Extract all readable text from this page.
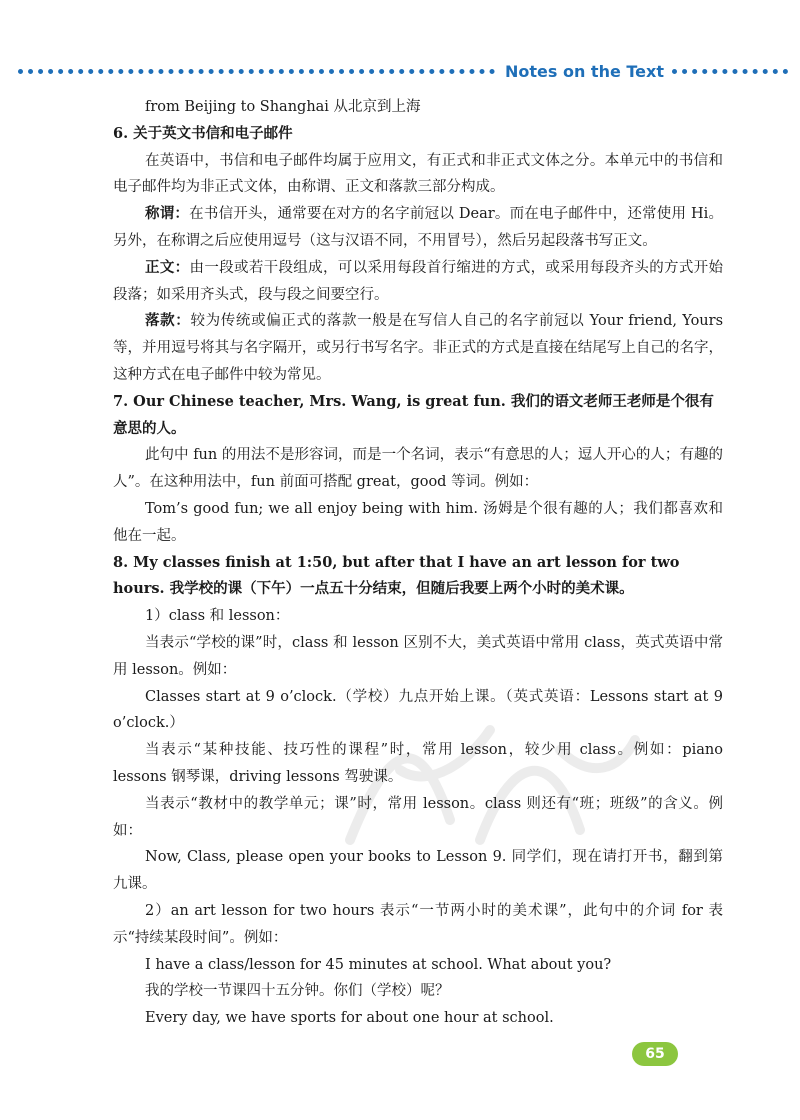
Notes on the Text

from Beijing to Shanghai 从北京到上海

6. 关于英文书信和电子邮件

在英语中，书信和电子邮件均属于应用文，有正式和非正式文体之分。本单元中的书信和电子邮件均为非正式文体，由称谓、正文和落款三部分构成。

称谓：在书信开头，通常要在对方的名字前冠以 Dear。而在电子邮件中，还常使用 Hi。另外，在称谓之后应使用逗号（这与汉语不同，不用冒号），然后另起段落书写正文。

正文：由一段或若干段组成，可以采用每段首行缩进的方式，或采用每段齐头的方式开始段落；如采用齐头式，段与段之间要空行。

落款：较为传统或偏正式的落款一般是在写信人自己的名字前冠以 Your friend, Yours 等，并用逗号将其与名字隔开，或另行书写名字。非正式的方式是直接在结尾写上自己的名字，这种方式在电子邮件中较为常见。

7. Our Chinese teacher, Mrs. Wang, is great fun. 我们的语文老师王老师是个很有意思的人。

此句中 fun 的用法不是形容词，而是一个名词，表示“有意思的人；逗人开心的人；有趣的人”。在这种用法中，fun 前面可搭配 great，good 等词。例如：

Tom’s good fun; we all enjoy being with him. 汤姆是个很有趣的人；我们都喜欢和他在一起。

8. My classes finish at 1:50, but after that I have an art lesson for two hours. 我学校的课（下午）一点五十分结束，但随后我要上两个小时的美术课。

1）class 和 lesson：

当表示“学校的课”时，class 和 lesson 区别不大，美式英语中常用 class，英式英语中常用 lesson。例如：

Classes start at 9 o’clock.（学校）九点开始上课。（英式英语：Lessons start at 9 o’clock.）

当表示“某种技能、技巧性的课程”时，常用 lesson，较少用 class。例如：piano lessons 钢琴课，driving lessons 驾驶课。

当表示“教材中的教学单元；课”时，常用 lesson。class 则还有“班；班级”的含义。例如：

Now, Class, please open your books to Lesson 9. 同学们，现在请打开书，翻到第九课。

2）an art lesson for two hours 表示“一节两小时的美术课”，此句中的介词 for 表示“持续某段时间”。例如：

I have a class/lesson for 45 minutes at school. What about you?

我的学校一节课四十五分钟。你们（学校）呢？

Every day, we have sports for about one hour at school.

65
